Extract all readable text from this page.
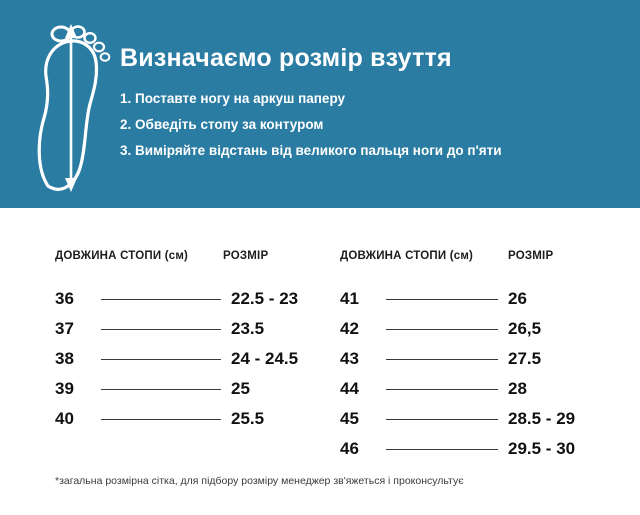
Визначаємо розмір взуття

1. Поставте ногу на аркуш паперу

2. Обведіть стопу за контуром

3. Виміряйте відстань від великого пальця ноги до п'яти

ДОВЖИНА СТОПИ (см)	РОЗМІР
36	22.5 - 23
37	23.5
38	24 - 24.5
39	25
40	25.5
ДОВЖИНА СТОПИ (см)	РОЗМІР
41	26
42	26,5
43	27.5
44	28
45	28.5 - 29
46	29.5 - 30
*загальна розмірна сітка, для підбору розміру менеджер зв'яжеться і проконсультує
